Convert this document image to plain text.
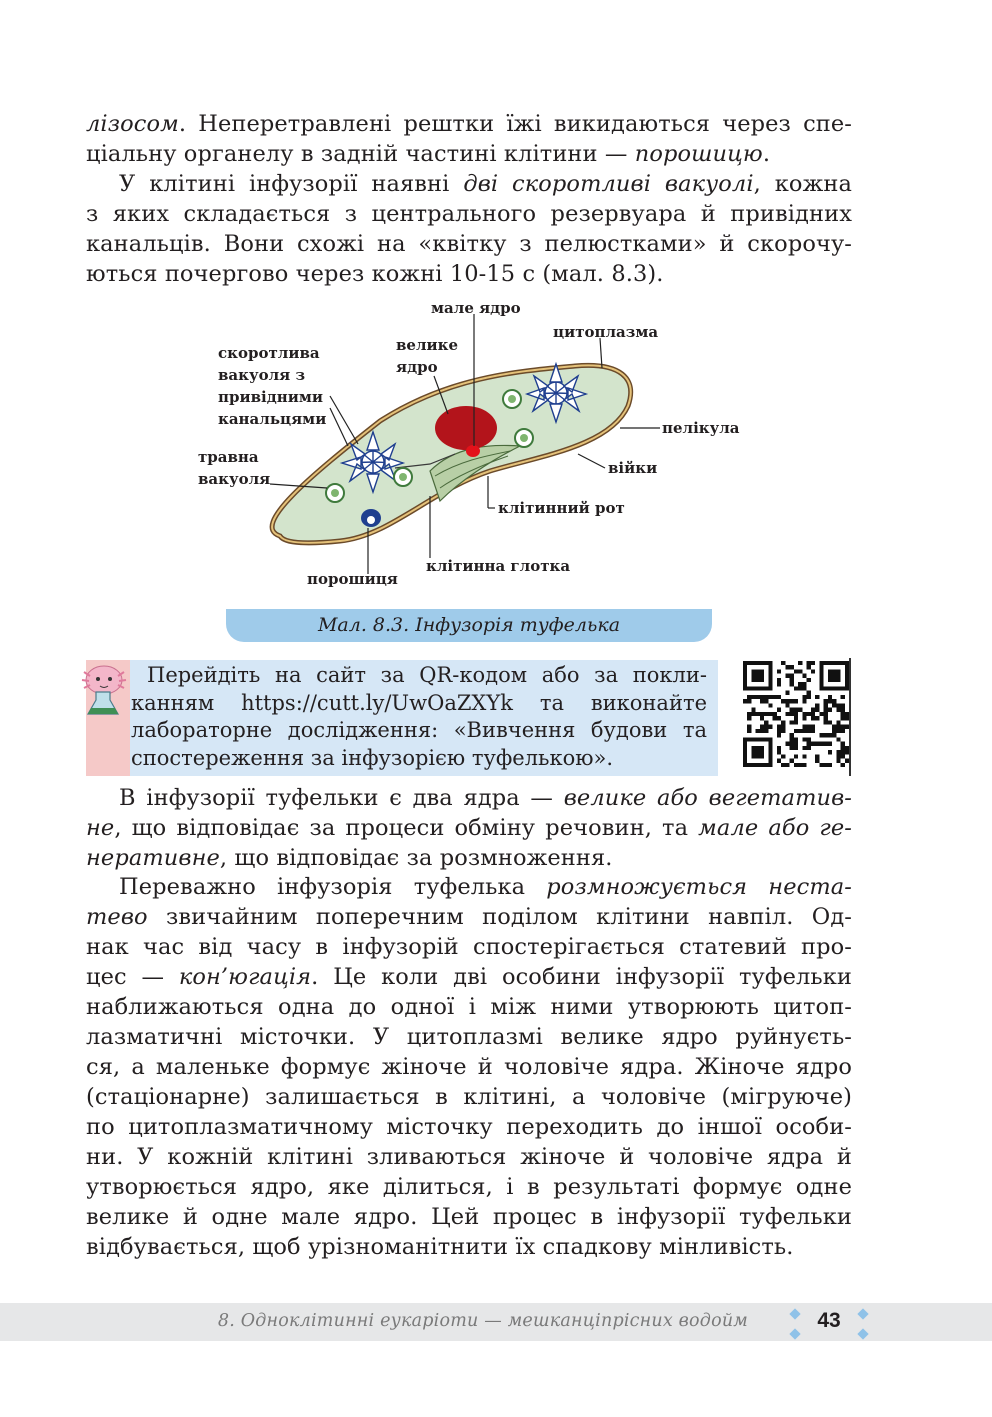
лізосом. Неперетравлені рештки їжі викидаються через спе-
ціальну органелу в задній частині клітини — порошицю.
У клітині інфузорії наявні дві скоротливі вакуолі, кожна
з яких складається з центрального резервуара й привідних
канальців. Вони схожі на «квітку з пелюстками» й скорочу-
ються почергово через кожні 10-15 с (мал. 8.3).
мале ядро
велике
ядро
цитоплазма
скоротлива
вакуоля з
привідними
канальцями	пелікула
війки
травна
вакуоля
клітинний рот
клітинна глотка
порошиця
Мал. 8.3. Інфузорія туфелька
Перейдіть на сайт за QR-кодом або за покли-
канням https://cutt.ly/UwOaZXYk та виконайте
лабораторне дослідження: «Вивчення будови та
спостереження за інфузорією туфелькою».
В інфузорії туфельки є два ядра — велике або вегетатив-
не, що відповідає за процеси обміну речовин, та мале або ге-
неративне, що відповідає за розмноження.
Переважно інфузорія туфелька розмножується неста-
тево звичайним поперечним поділом клітини навпіл. Од-
нак час від часу в інфузорій спостерігається статевий про-
цес — кон’югація. Це коли дві особини інфузорії туфельки
наближаються одна до одної і між ними утворюють цитоп-
лазматичні місточки. У цитоплазмі велике ядро руйнуєть-
ся, а маленьке формує жіноче й чоловіче ядра. Жіноче ядро
(стаціонарне) залишається в клітині, а чоловіче (мігруюче)
по цитоплазматичному місточку переходить до іншої особи-
ни. У кожній клітині зливаються жіноче й чоловіче ядра й
утворюється ядро, яке ділиться, і в результаті формує одне
велике й одне мале ядро. Цей процес в інфузорії туфельки
відбувається, щоб урізноманітнити їх спадкову мінливість.
8. Одноклітинні еукаріоти — мешканціпрісних водойм	43
